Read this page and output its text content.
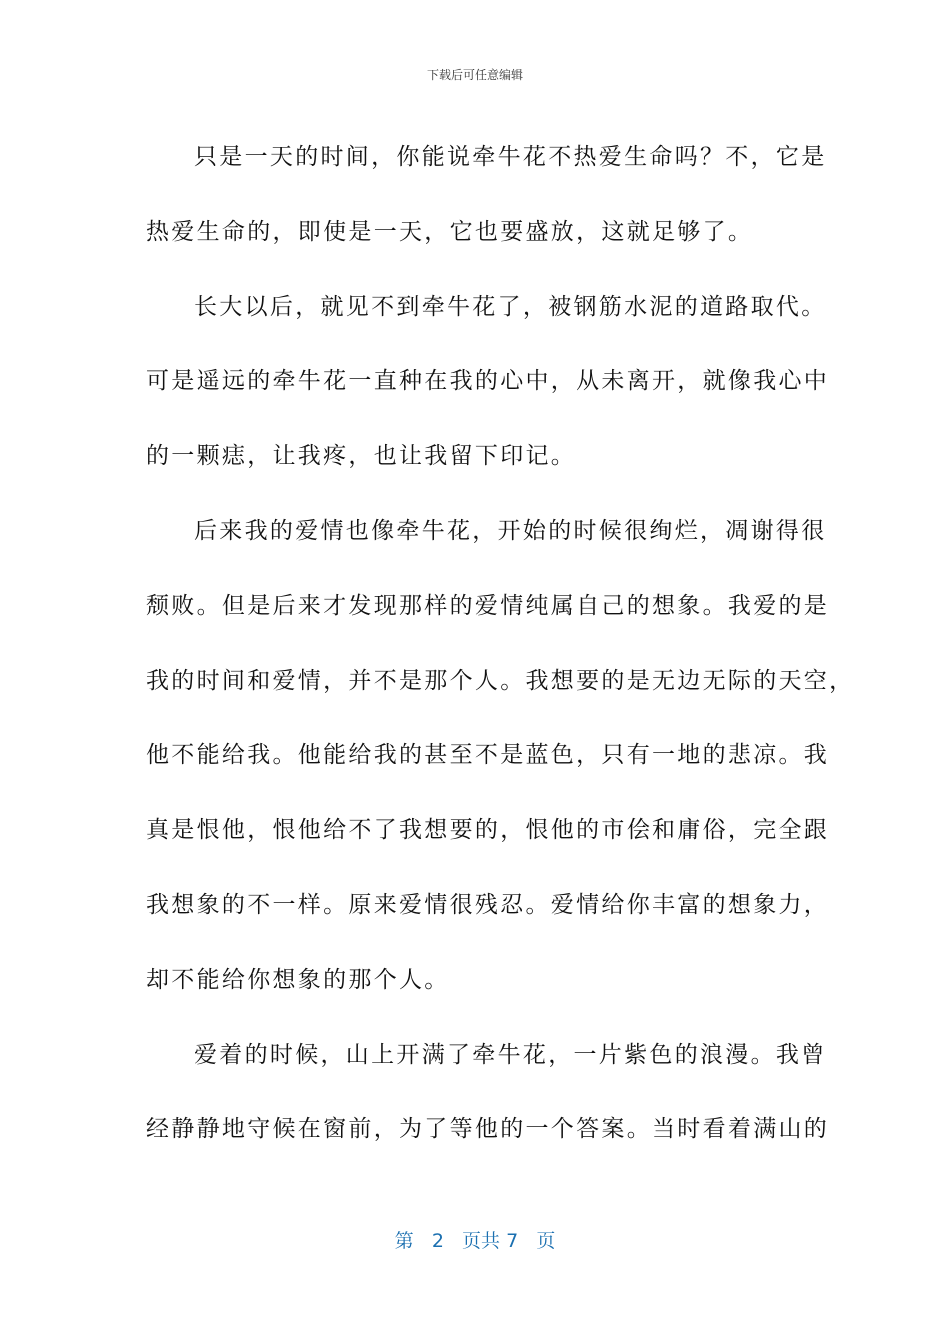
下载后可任意编辑

只是一天的时间，你能说牵牛花不热爱生命吗？不，它是
热爱生命的，即使是一天，它也要盛放，这就足够了。

长大以后，就见不到牵牛花了，被钢筋水泥的道路取代。
可是遥远的牵牛花一直种在我的心中，从未离开，就像我心中
的一颗痣，让我疼，也让我留下印记。

后来我的爱情也像牵牛花，开始的时候很绚烂，凋谢得很
颓败。但是后来才发现那样的爱情纯属自己的想象。我爱的是
我的时间和爱情，并不是那个人。我想要的是无边无际的天空，
他不能给我。他能给我的甚至不是蓝色，只有一地的悲凉。我
真是恨他，恨他给不了我想要的，恨他的市侩和庸俗，完全跟
我想象的不一样。原来爱情很残忍。爱情给你丰富的想象力，
却不能给你想象的那个人。

爱着的时候，山上开满了牵牛花，一片紫色的浪漫。我曾
经静静地守候在窗前，为了等他的一个答案。当时看着满山的

第 2 页共 7 页
